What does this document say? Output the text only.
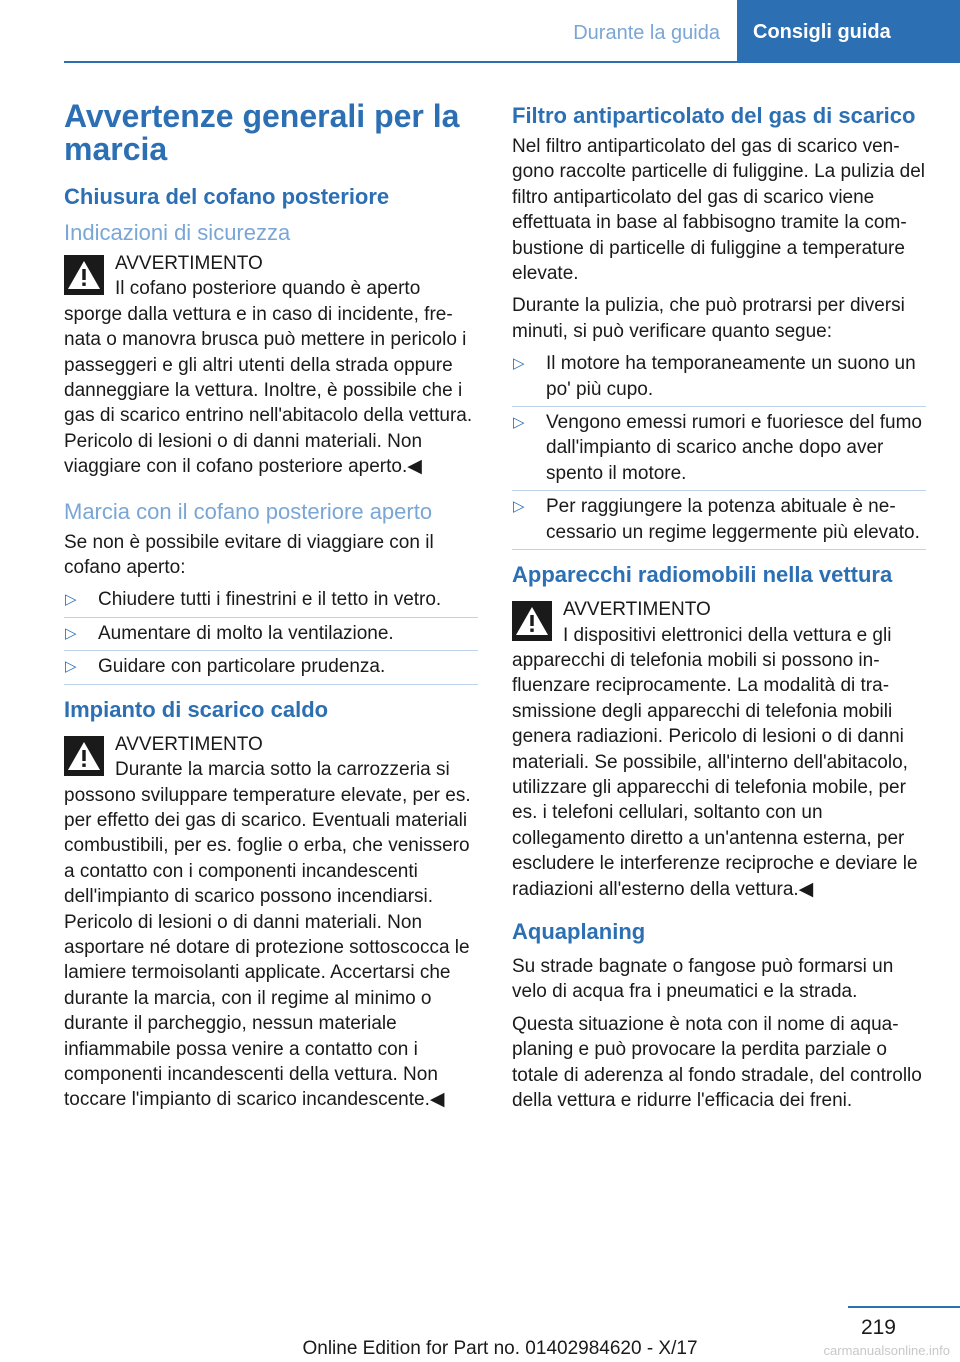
Durante la guida	Consigli guida
Avvertenze generali per la marcia
Chiusura del cofano posteriore
Indicazioni di sicurezza
AVVERTIMENTO
Il cofano posteriore quando è aperto sporge dalla vettura e in caso di incidente, frenata o manovra brusca può mettere in pericolo i passeggeri e gli altri utenti della strada oppure danneggiare la vettura. Inoltre, è possibile che i gas di scarico entrino nell'abitacolo della vettura. Pericolo di lesioni o di danni materiali. Non viaggiare con il cofano posteriore aperto.◀
Marcia con il cofano posteriore aperto

Se non è possibile evitare di viaggiare con il cofano aperto:

▷ Chiudere tutti i finestrini e il tetto in vetro.
▷ Aumentare di molto la ventilazione.
▷ Guidare con particolare prudenza.
Impianto di scarico caldo
AVVERTIMENTO
Durante la marcia sotto la carrozzeria si possono sviluppare temperature elevate, per es. per effetto dei gas di scarico. Eventuali materiali combustibili, per es. foglie o erba, che venissero a contatto con i componenti incandescenti dell'impianto di scarico possono incendiarsi. Pericolo di lesioni o di danni materiali. Non asportare né dotare di protezione sottoscocca le lamiere termoisolanti applicate. Accertarsi che durante la marcia, con il regime al minimo o durante il parcheggio, nessun materiale infiammabile possa venire a contatto con i componenti incandescenti della vettura. Non toccare l'impianto di scarico incandescente.◀
Filtro antiparticolato del gas di scarico

Nel filtro antiparticolato del gas di scarico vengono raccolte particelle di fuliggine. La pulizia del filtro antiparticolato del gas di scarico viene effettuata in base al fabbisogno tramite la combustione di particelle di fuliggine a temperature elevate.

Durante la pulizia, che può protrarsi per diversi minuti, si può verificare quanto segue:

▷ Il motore ha temporaneamente un suono un po' più cupo.
▷ Vengono emessi rumori e fuoriesce del fumo dall'impianto di scarico anche dopo aver spento il motore.
▷ Per raggiungere la potenza abituale è necessario un regime leggermente più elevato.
Apparecchi radiomobili nella vettura
AVVERTIMENTO
I dispositivi elettronici della vettura e gli apparecchi di telefonia mobili si possono influenzare reciprocamente. La modalità di trasmissione degli apparecchi di telefonia mobili genera radiazioni. Pericolo di lesioni o di danni materiali. Se possibile, all'interno dell'abitacolo, utilizzare gli apparecchi di telefonia mobile, per es. i telefoni cellulari, soltanto con un collegamento diretto a un'antenna esterna, per escludere le interferenze reciproche e deviare le radiazioni all'esterno della vettura.◀
Aquaplaning

Su strade bagnate o fangose può formarsi un velo di acqua fra i pneumatici e la strada.

Questa situazione è nota con il nome di aquaplaning e può provocare la perdita parziale o totale di aderenza al fondo stradale, del controllo della vettura e ridurre l'efficacia dei freni.

219
Online Edition for Part no. 01402984620 - X/17	carmanualsonline.info
